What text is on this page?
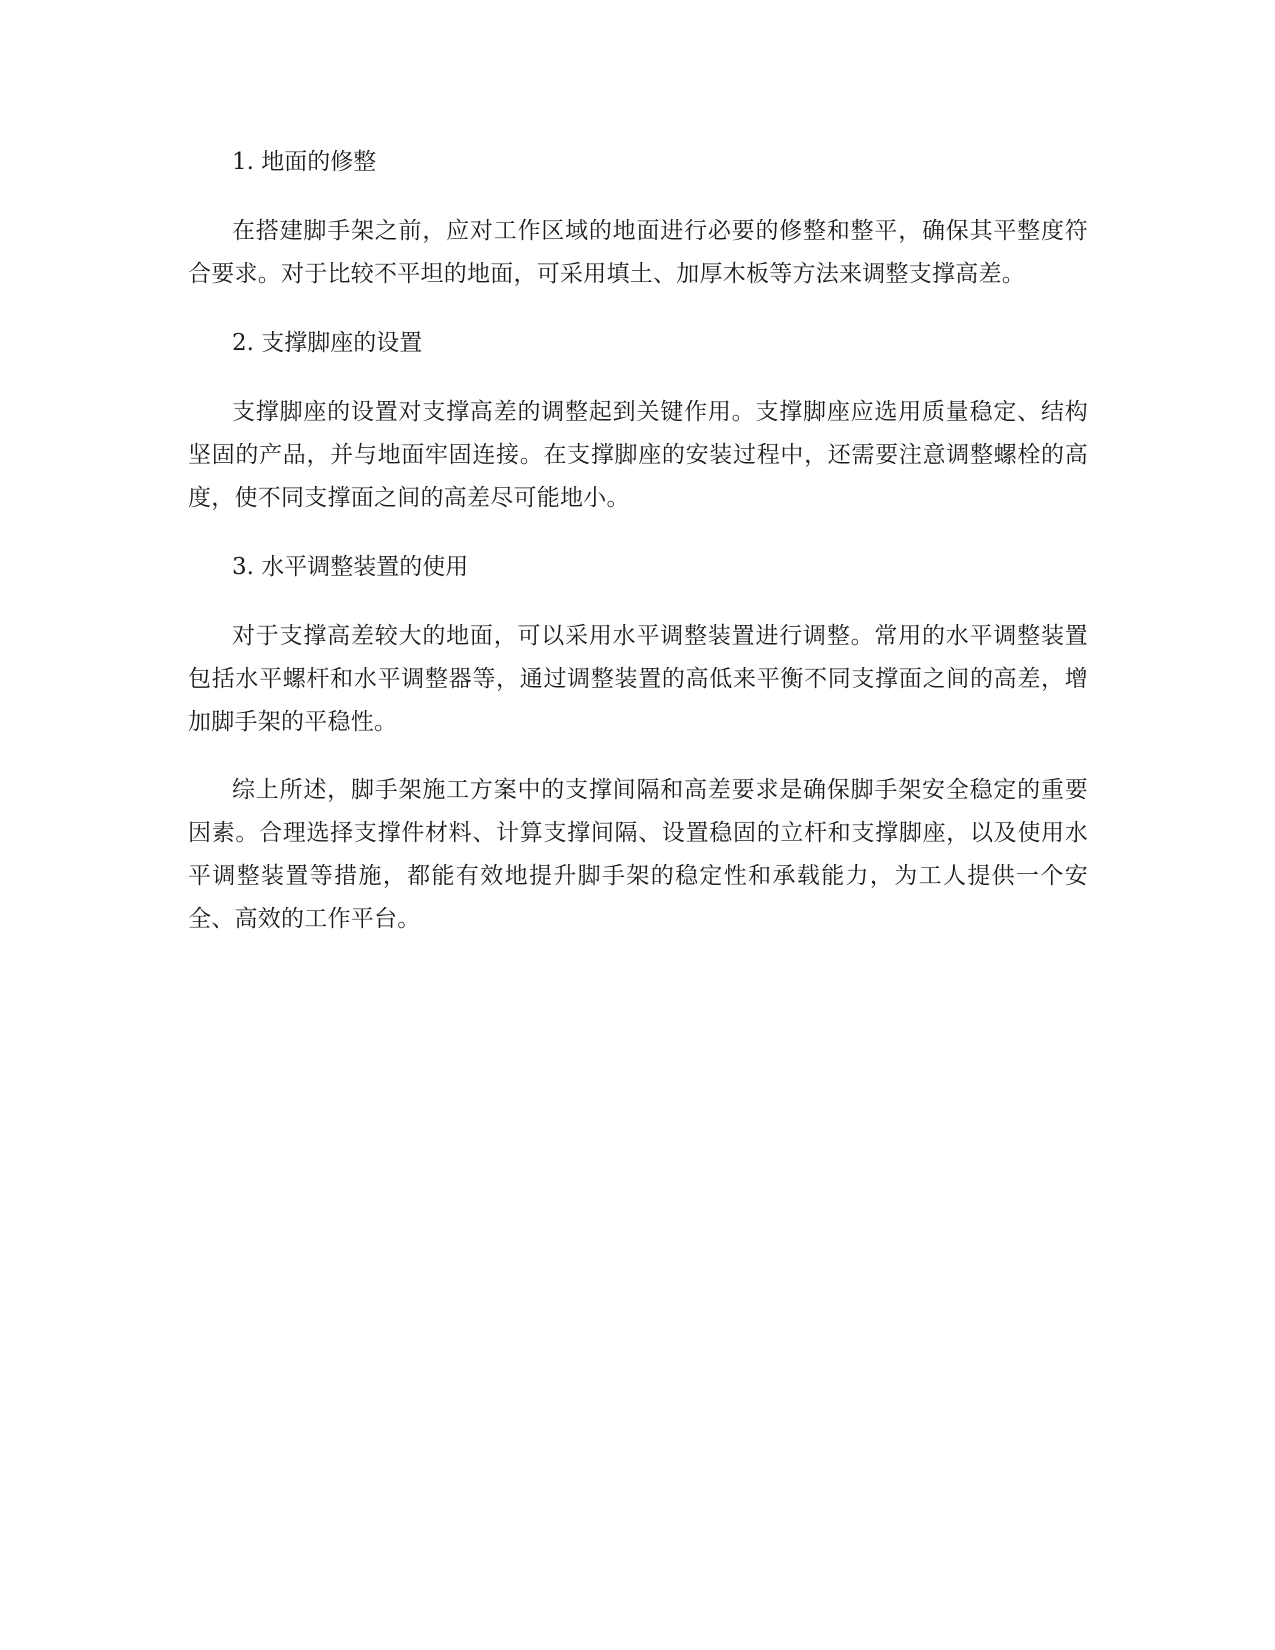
1. 地面的修整

在搭建脚手架之前，应对工作区域的地面进行必要的修整和整平，确保其平整度符合要求。对于比较不平坦的地面，可采用填土、加厚木板等方法来调整支撑高差。

2. 支撑脚座的设置

支撑脚座的设置对支撑高差的调整起到关键作用。支撑脚座应选用质量稳定、结构坚固的产品，并与地面牢固连接。在支撑脚座的安装过程中，还需要注意调整螺栓的高度，使不同支撑面之间的高差尽可能地小。

3. 水平调整装置的使用

对于支撑高差较大的地面，可以采用水平调整装置进行调整。常用的水平调整装置包括水平螺杆和水平调整器等，通过调整装置的高低来平衡不同支撑面之间的高差，增加脚手架的平稳性。

综上所述，脚手架施工方案中的支撑间隔和高差要求是确保脚手架安全稳定的重要因素。合理选择支撑件材料、计算支撑间隔、设置稳固的立杆和支撑脚座，以及使用水平调整装置等措施，都能有效地提升脚手架的稳定性和承载能力，为工人提供一个安全、高效的工作平台。
